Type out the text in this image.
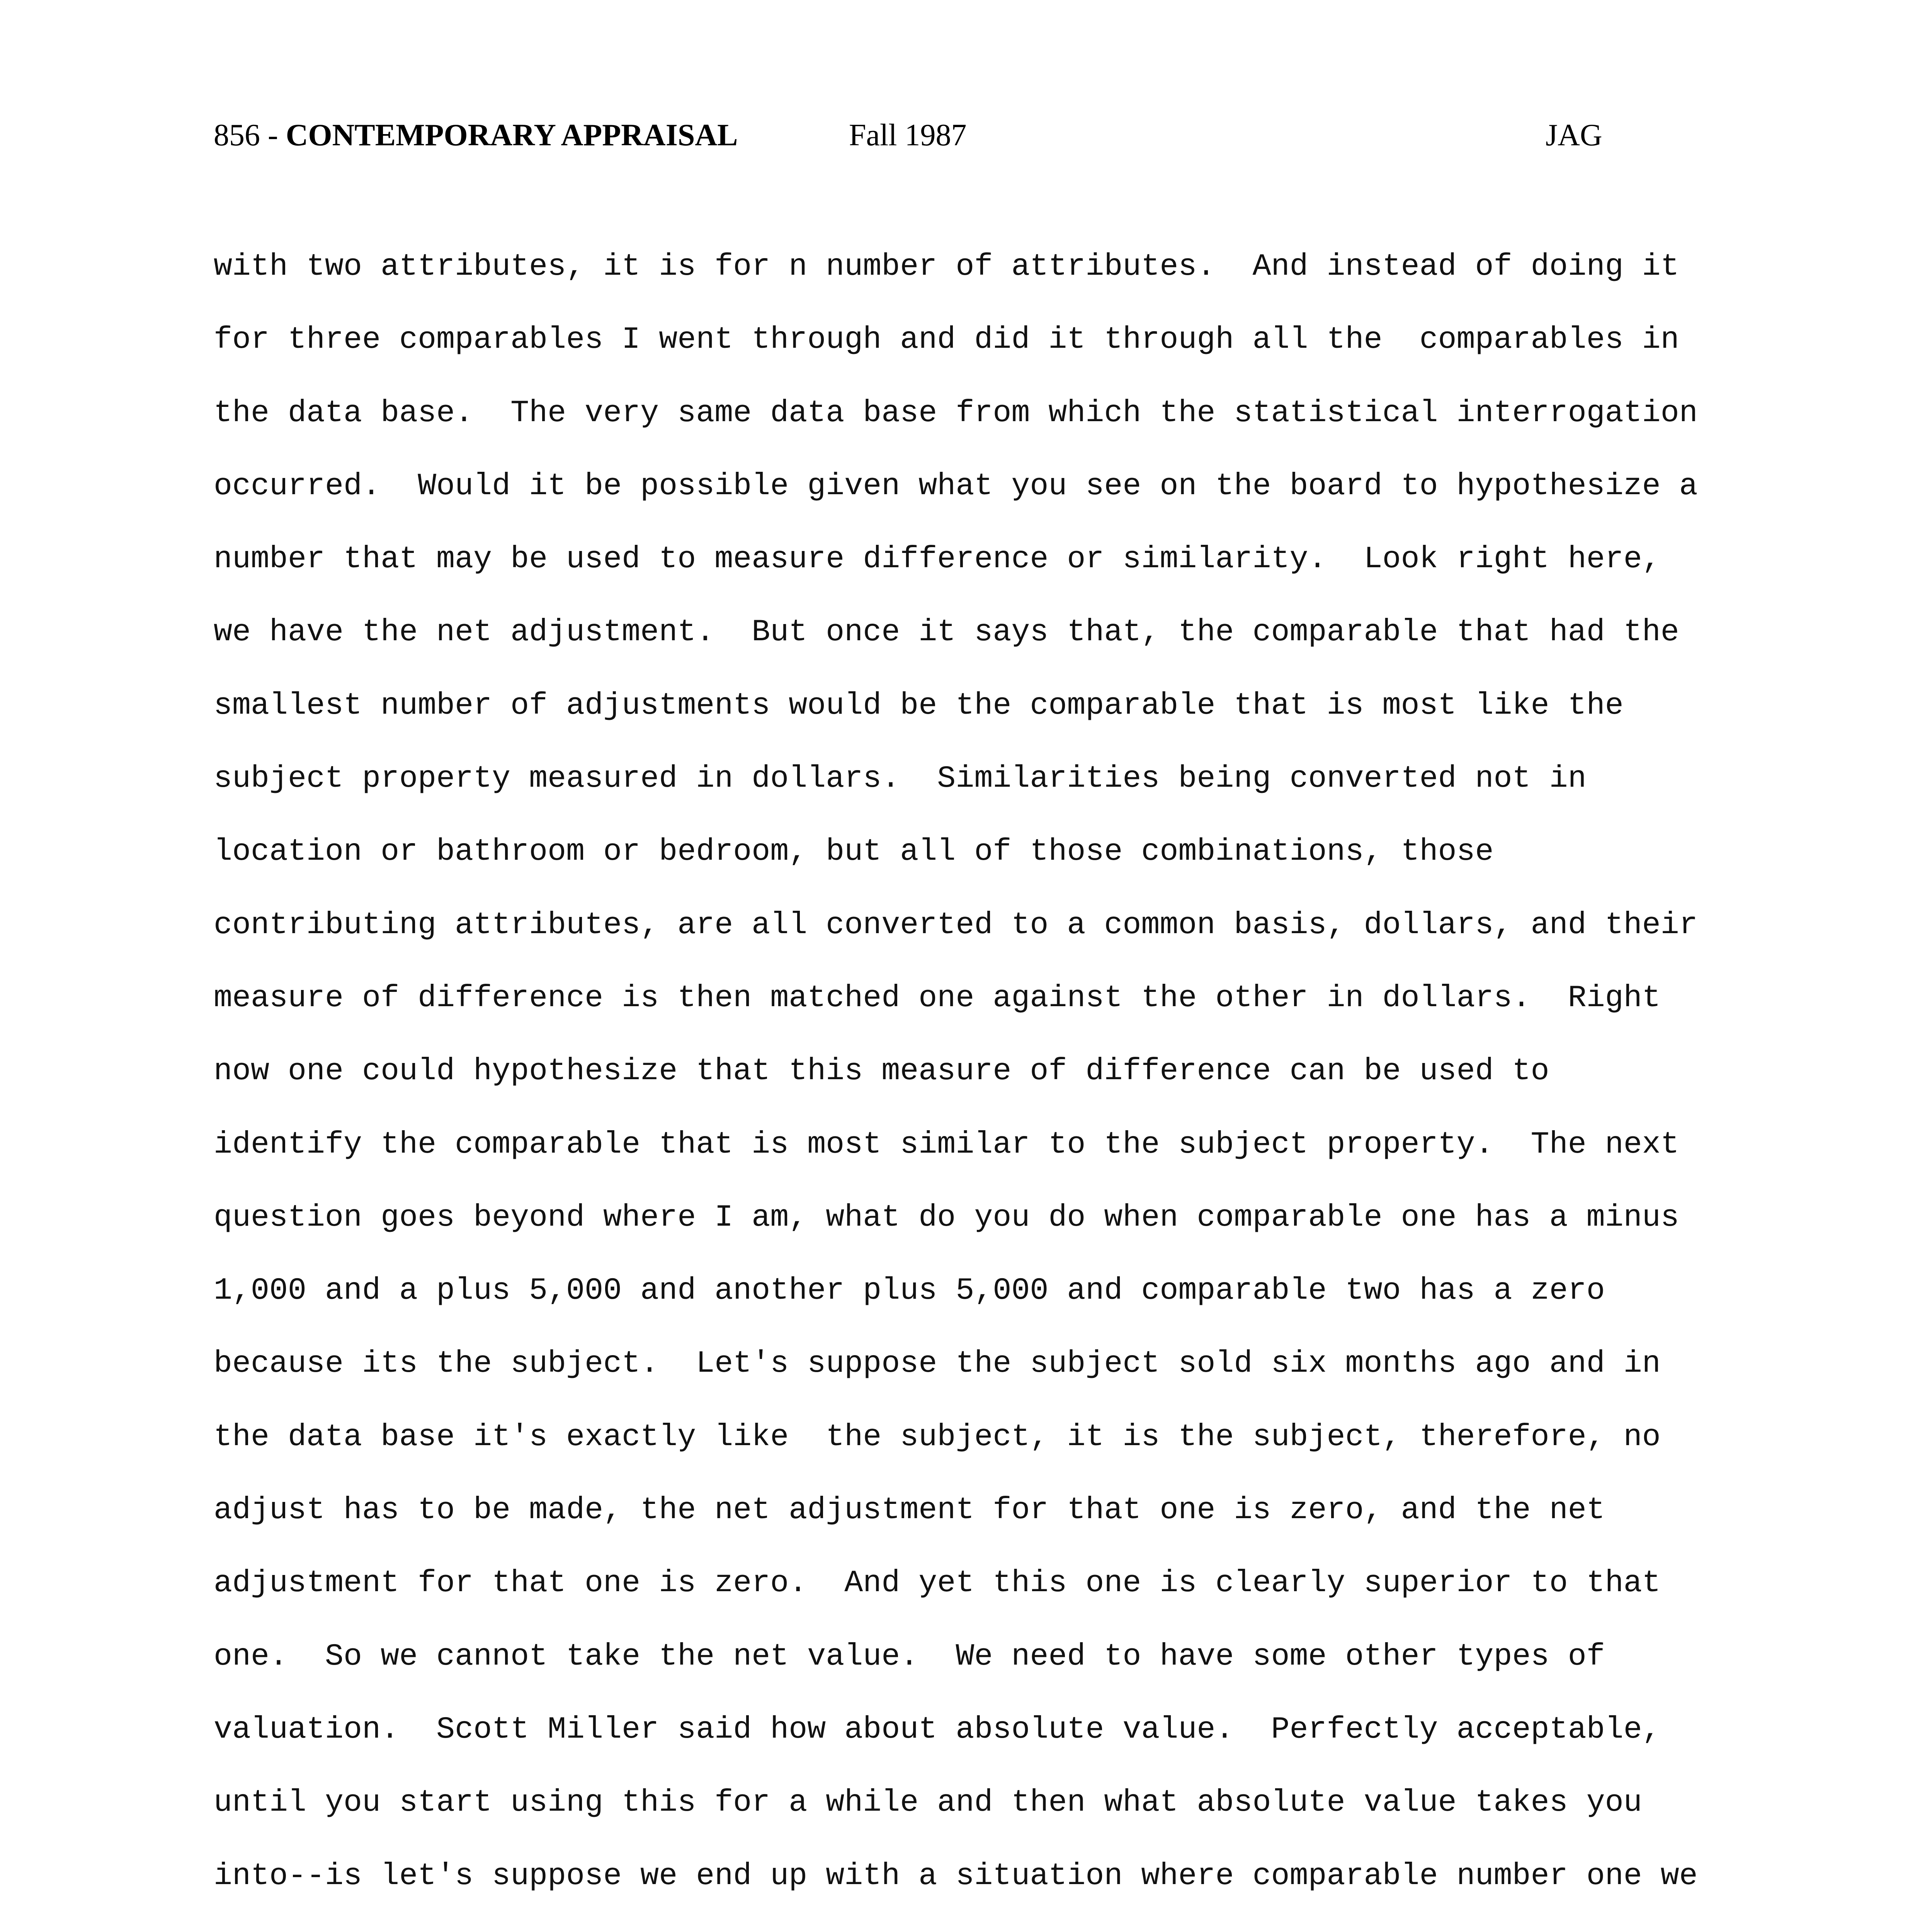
856 - CONTEMPORARY APPRAISAL	Fall 1987	JAG
with two attributes, it is for n number of attributes.  And instead of doing it
for three comparables I went through and did it through all the  comparables in
the data base.  The very same data base from which the statistical interrogation
occurred.  Would it be possible given what you see on the board to hypothesize a
number that may be used to measure difference or similarity.  Look right here,
we have the net adjustment.  But once it says that, the comparable that had the
smallest number of adjustments would be the comparable that is most like the
subject property measured in dollars.  Similarities being converted not in
location or bathroom or bedroom, but all of those combinations, those
contributing attributes, are all converted to a common basis, dollars, and their
measure of difference is then matched one against the other in dollars.  Right
now one could hypothesize that this measure of difference can be used to
identify the comparable that is most similar to the subject property.  The next
question goes beyond where I am, what do you do when comparable one has a minus
1,000 and a plus 5,000 and another plus 5,000 and comparable two has a zero
because its the subject.  Let's suppose the subject sold six months ago and in
the data base it's exactly like  the subject, it is the subject, therefore, no
adjust has to be made, the net adjustment for that one is zero, and the net
adjustment for that one is zero.  And yet this one is clearly superior to that
one.  So we cannot take the net value.  We need to have some other types of
valuation.  Scott Miller said how about absolute value.  Perfectly acceptable,
until you start using this for a while and then what absolute value takes you
into--is let's suppose we end up with a situation where comparable number one we
